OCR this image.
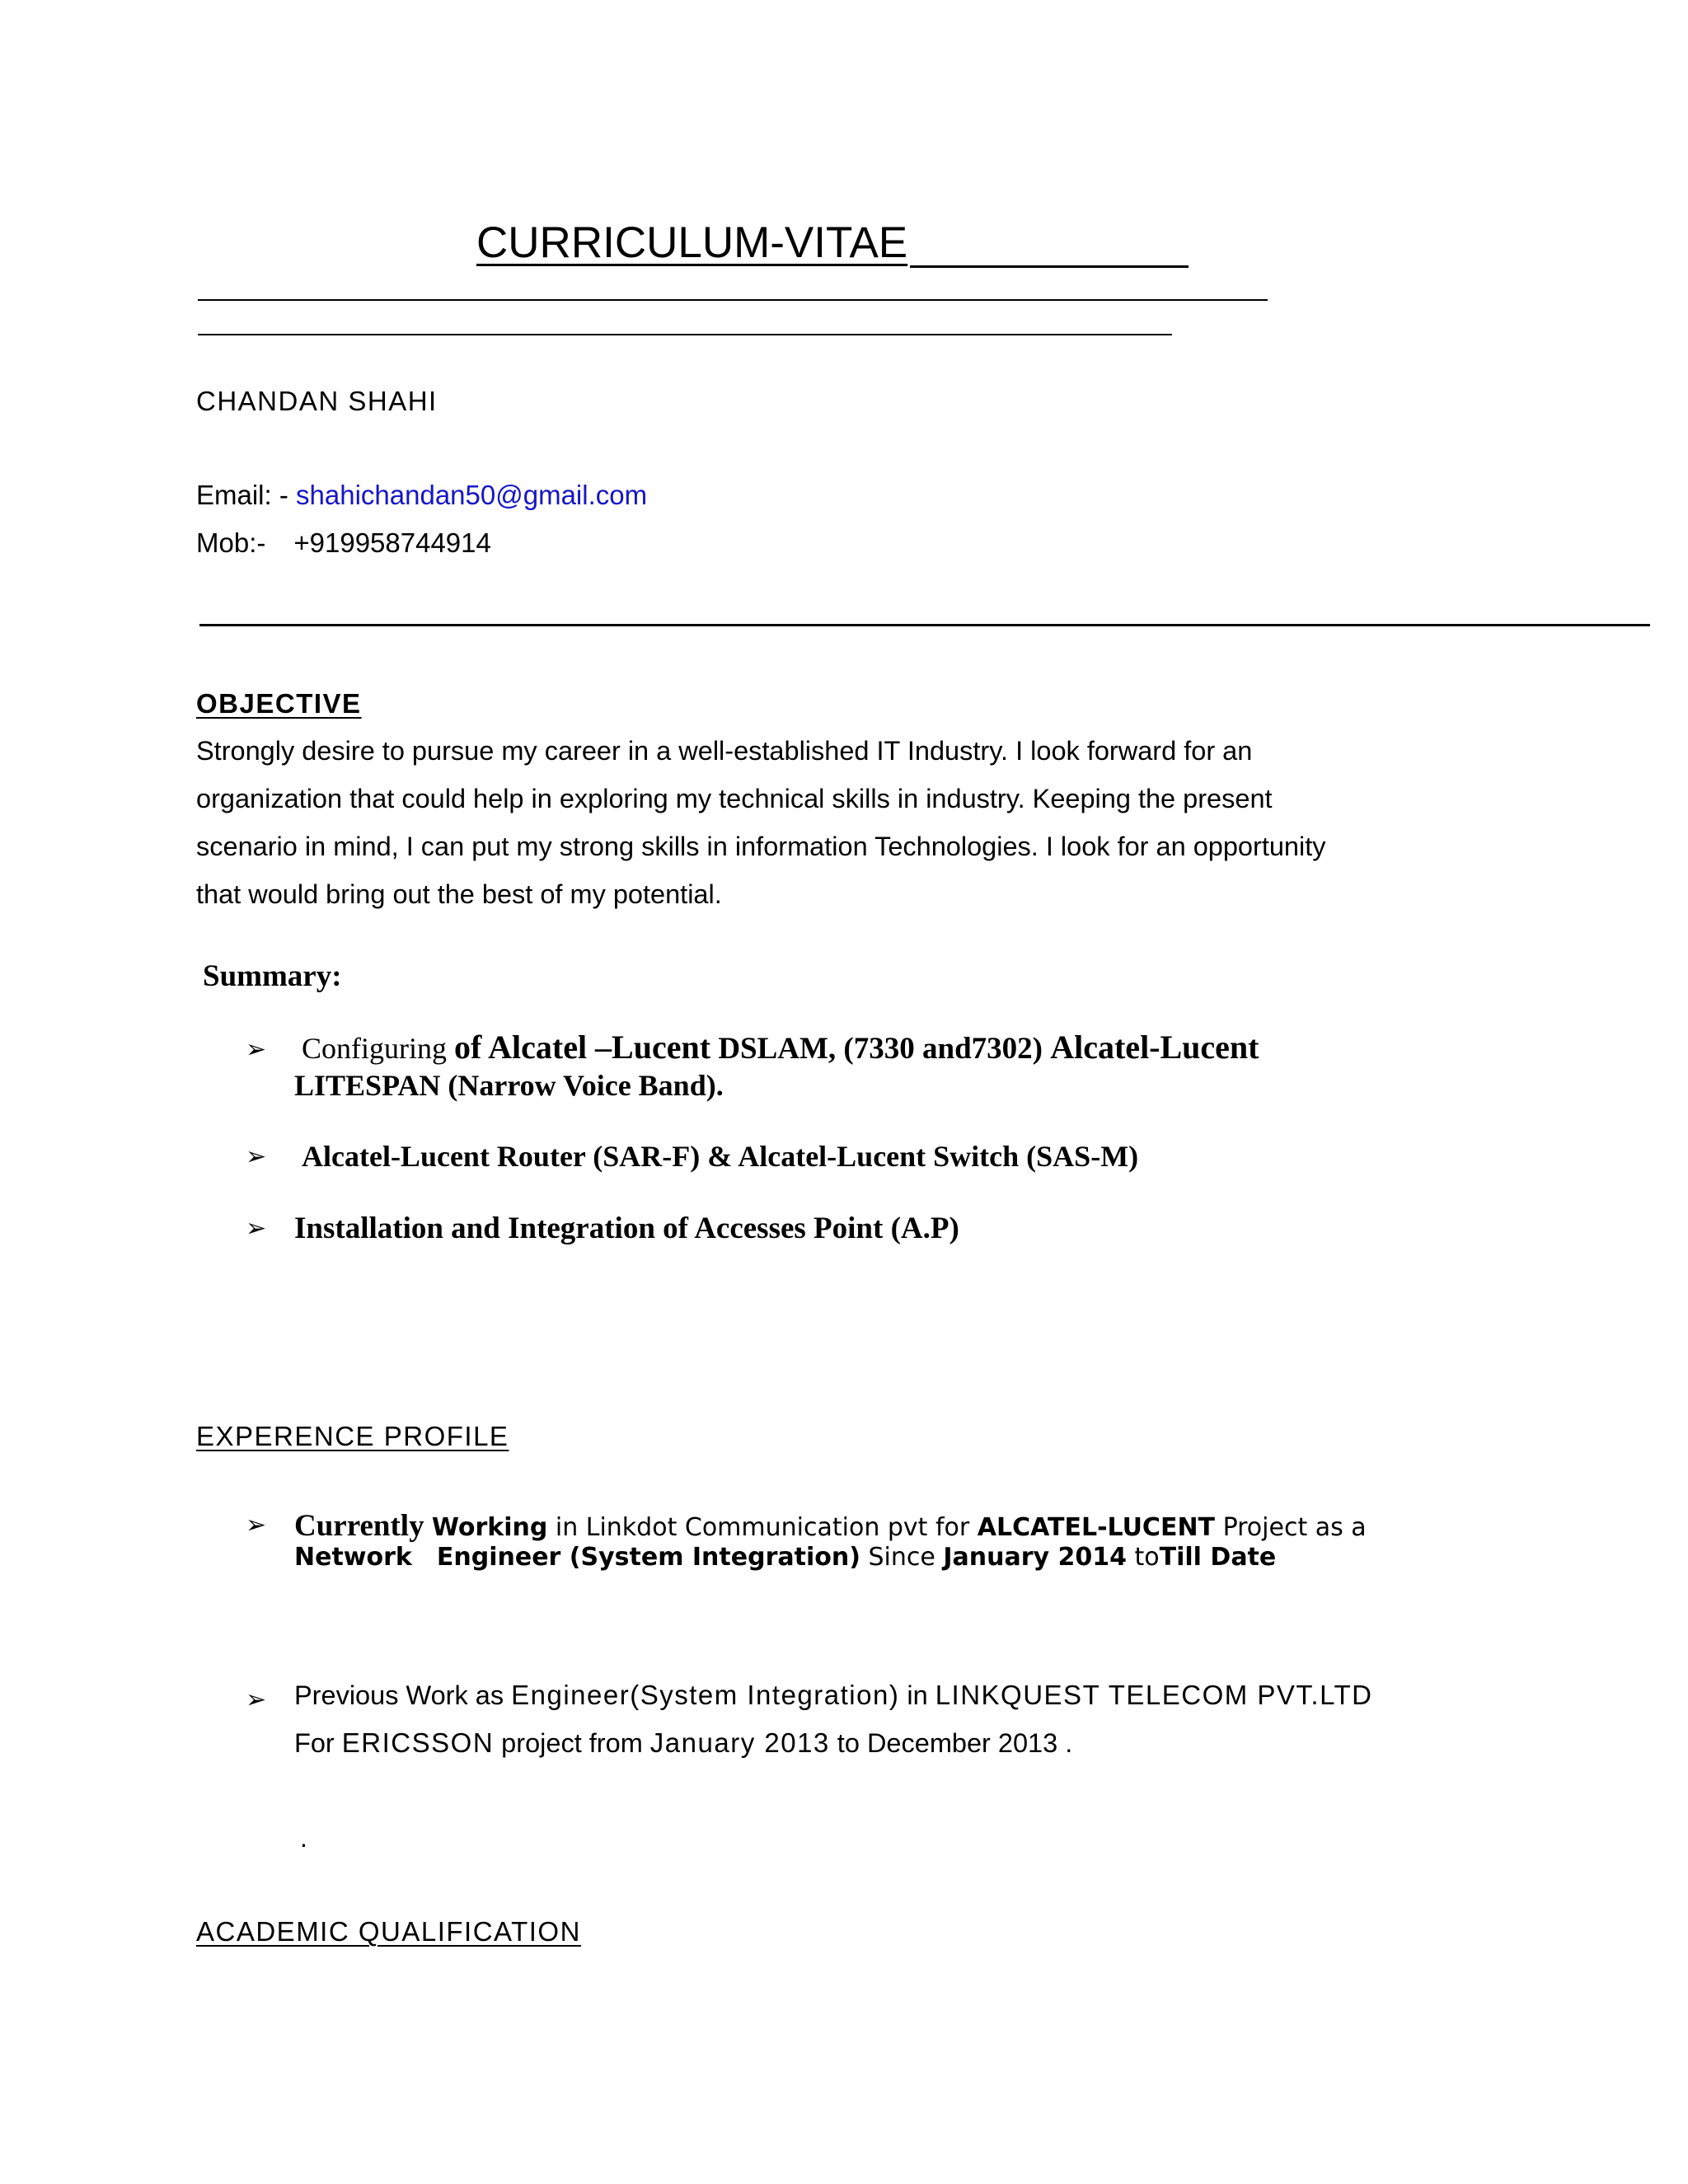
CURRICULUM-VITAE
CHANDAN SHAHI
Email: - shahichandan50@gmail.com
Mob:- +919958744914
OBJECTIVE
Strongly desire to pursue my career in a well-established IT Industry. I look forward for an
organization that could help in exploring my technical skills in industry. Keeping the present
scenario in mind, I can put my strong skills in information Technologies. I look for an opportunity
that would bring out the best of my potential.
Summary:
➢ Configuring of Alcatel –Lucent DSLAM, (7330 and7302) Alcatel-Lucent
LITESPAN (Narrow Voice Band).
➢ Alcatel-Lucent Router (SAR-F) & Alcatel-Lucent Switch (SAS-M)
➢ Installation and Integration of Accesses Point (A.P)
EXPERENCE PROFILE
➢ Currently Working in Linkdot Communication pvt for ALCATEL-LUCENT Project as a
Network Engineer (System Integration) Since January 2014 toTill Date
➢ Previous Work as Engineer(System Integration) in LINKQUEST TELECOM PVT.LTD
For ERICSSON project from January 2013 to December 2013 .
.
ACADEMIC QUALIFICATION
